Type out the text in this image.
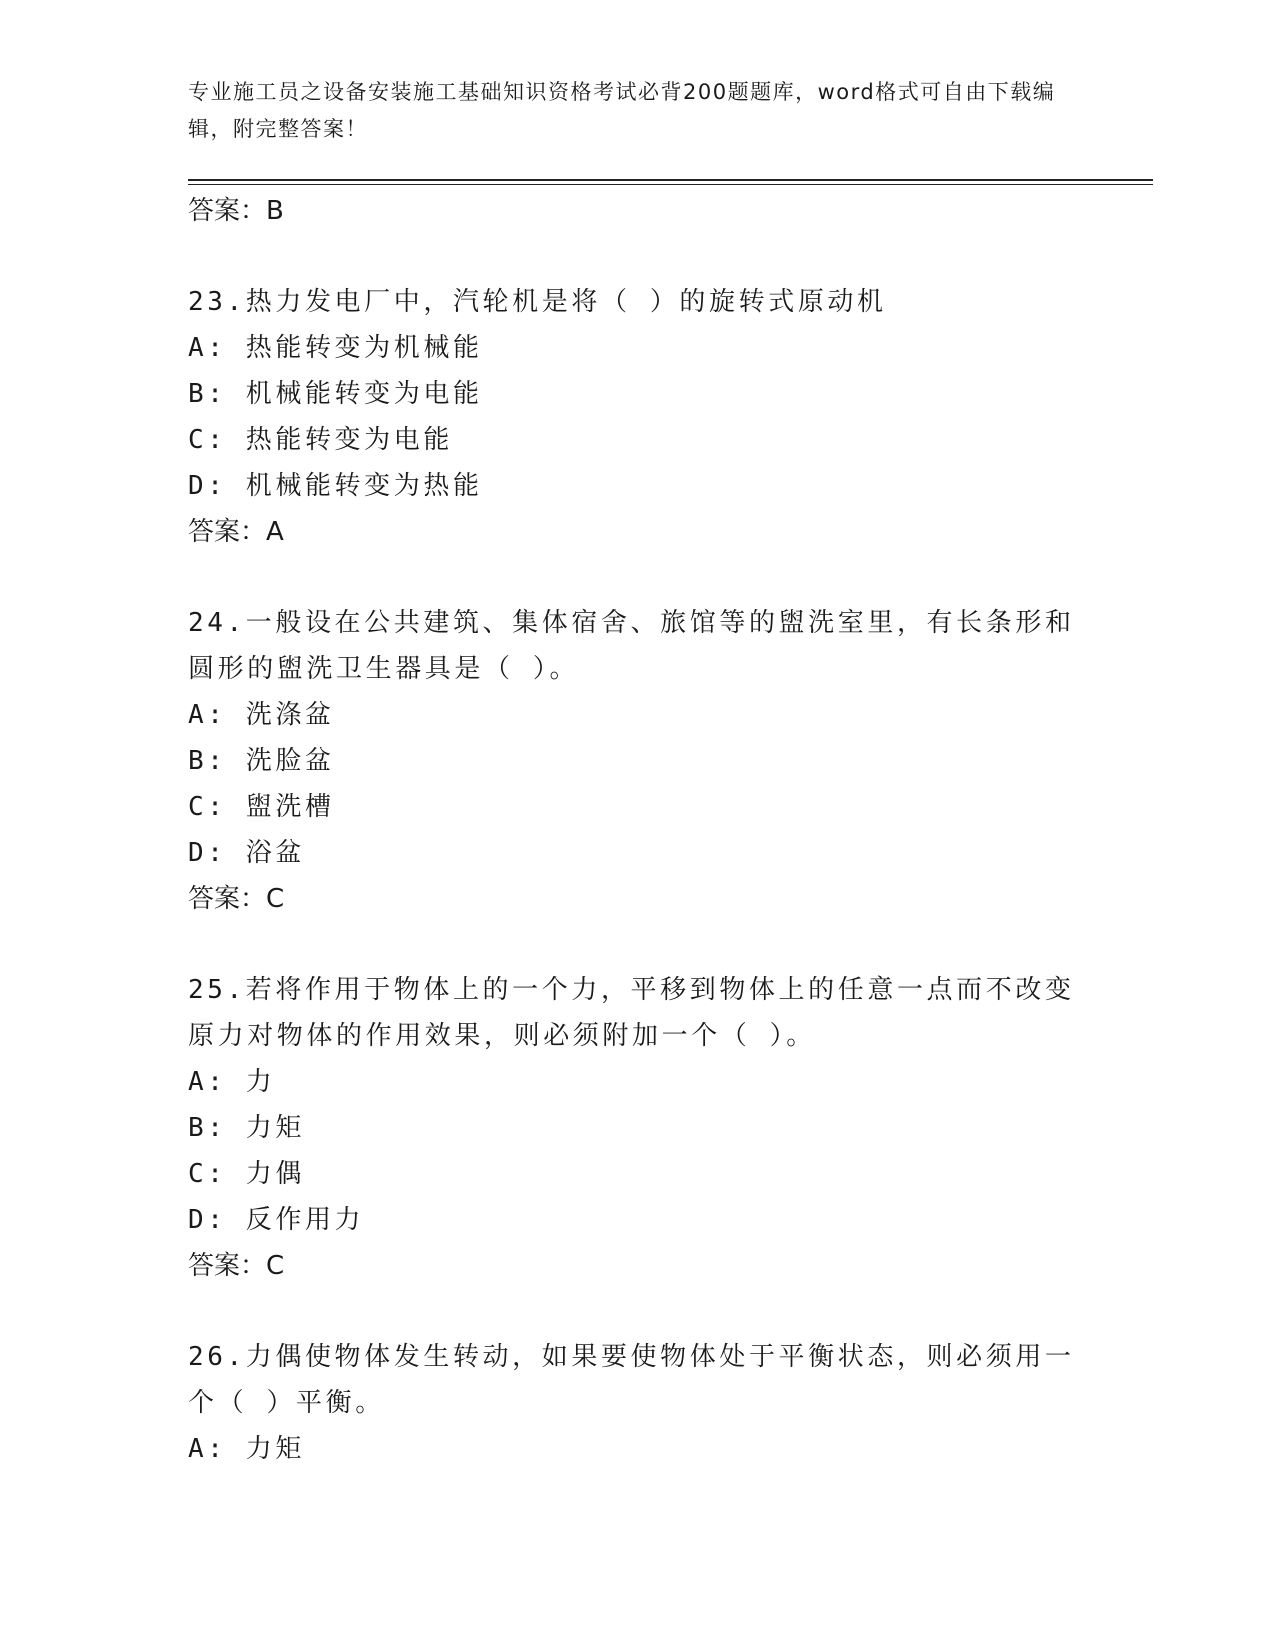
专业施工员之设备安装施工基础知识资格考试必背200题题库，word格式可自由下载编辑，附完整答案！
答案：B
23.热力发电厂中，汽轮机是将（ ）的旋转式原动机
A: 热能转变为机械能
B: 机械能转变为电能
C: 热能转变为电能
D: 机械能转变为热能
答案：A
24.一般设在公共建筑、集体宿舍、旅馆等的盥洗室里，有长条形和圆形的盥洗卫生器具是（ ）。
A: 洗涤盆
B: 洗脸盆
C: 盥洗槽
D: 浴盆
答案：C
25.若将作用于物体上的一个力，平移到物体上的任意一点而不改变原力对物体的作用效果，则必须附加一个（ ）。
A: 力
B: 力矩
C: 力偶
D: 反作用力
答案：C
26.力偶使物体发生转动，如果要使物体处于平衡状态，则必须用一个（ ）平衡。
A: 力矩
